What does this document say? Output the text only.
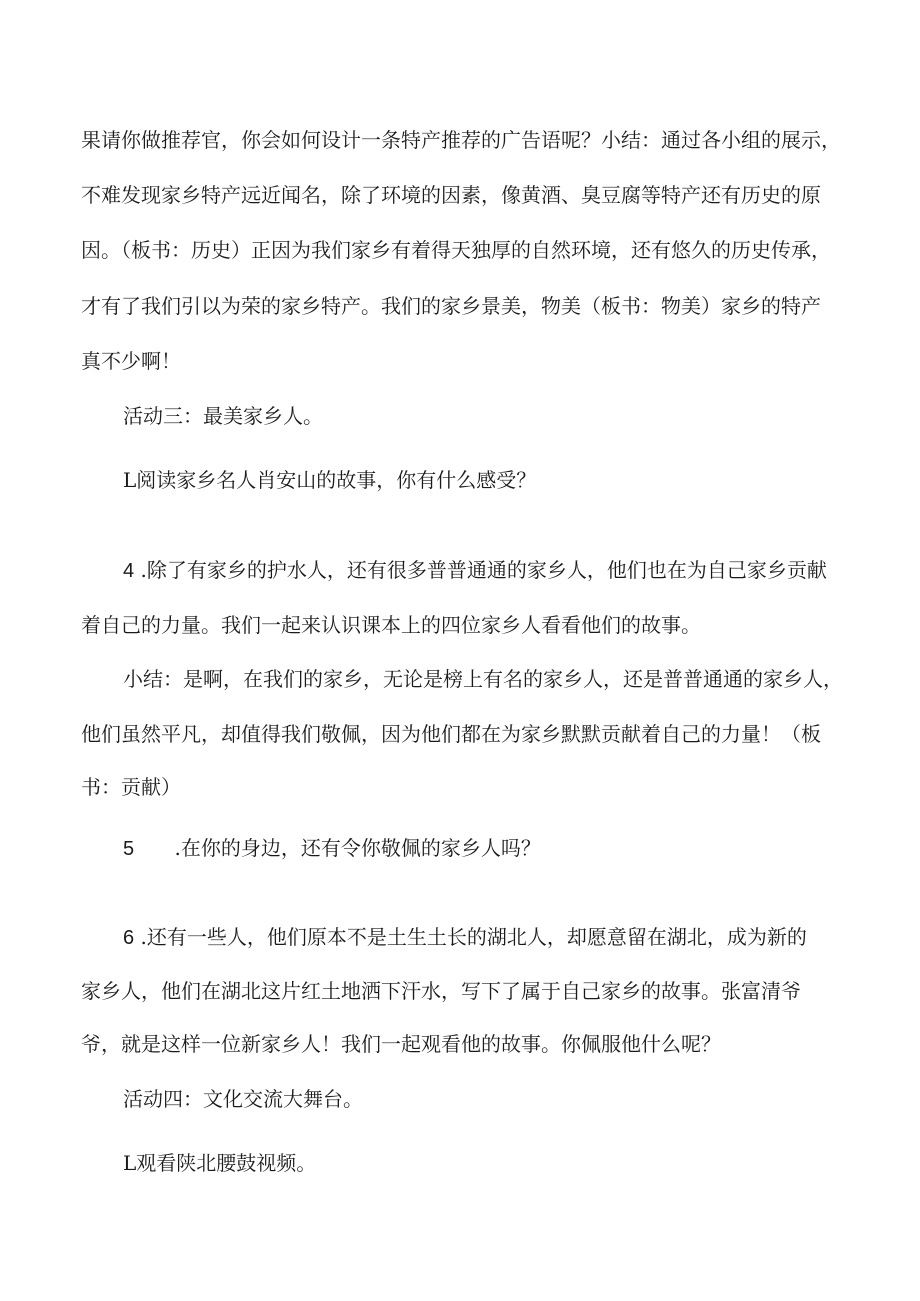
果请你做推荐官，你会如何设计一条特产推荐的广告语呢？小结：通过各小组的展示，

不难发现家乡特产远近闻名，除了环境的因素，像黄酒、臭豆腐等特产还有历史的原

因。（板书：历史）正因为我们家乡有着得天独厚的自然环境，还有悠久的历史传承，

才有了我们引以为荣的家乡特产。我们的家乡景美，物美（板书：物美）家乡的特产

真不少啊！

活动三：最美家乡人。

L阅读家乡名人肖安山的故事，你有什么感受？

4 .除了有家乡的护水人，还有很多普普通通的家乡人，他们也在为自己家乡贡献

着自己的力量。我们一起来认识课本上的四位家乡人看看他们的故事。

小结：是啊，在我们的家乡，无论是榜上有名的家乡人，还是普普通通的家乡人，

他们虽然平凡，却值得我们敬佩，因为他们都在为家乡默默贡献着自己的力量！（板

书：贡献）

5 .在你的身边，还有令你敬佩的家乡人吗？

6 .还有一些人，他们原本不是土生土长的湖北人，却愿意留在湖北，成为新的

家乡人，他们在湖北这片红土地洒下汗水，写下了属于自己家乡的故事。张富清爷

爷，就是这样一位新家乡人！我们一起观看他的故事。你佩服他什么呢？

活动四：文化交流大舞台。

L观看陕北腰鼓视频。
